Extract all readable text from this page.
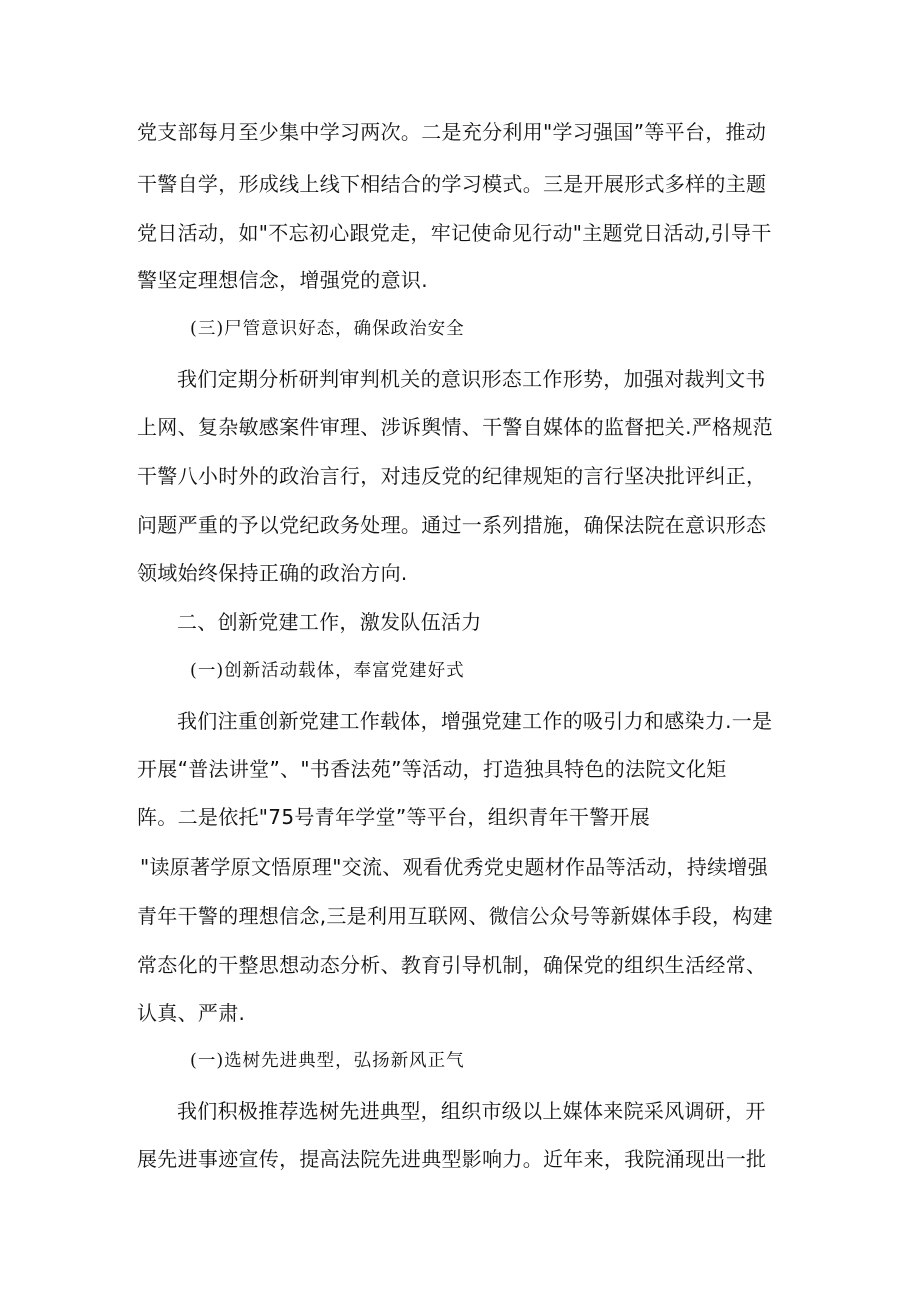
党支部每月至少集中学习两次。二是充分利用"学习强国”等平台，推动
干警自学，形成线上线下相结合的学习模式。三是开展形式多样的主题
党日活动，如"不忘初心跟党走，牢记使命见行动"主题党日活动,引导干
警坚定理想信念，增强党的意识.
(三)尸管意识好态，确保政治安全
我们定期分析研判审判机关的意识形态工作形势，加强对裁判文书
上网、复杂敏感案件审理、涉诉舆情、干警自媒体的监督把关.严格规范
干警八小时外的政治言行，对违反党的纪律规矩的言行坚决批评纠正，
问题严重的予以党纪政务处理。通过一系列措施，确保法院在意识形态
领域始终保持正确的政治方向.
二、创新党建工作，激发队伍活力
(一)创新活动载体，奉富党建好式
我们注重创新党建工作载体，增强党建工作的吸引力和感染力.一是
开展“普法讲堂”、"书香法苑”等活动，打造独具特色的法院文化矩
阵。二是依托"75号青年学堂”等平台，组织青年干警开展
"读原著学原文悟原理"交流、观看优秀党史题材作品等活动，持续增强
青年干警的理想信念,三是利用互联网、微信公众号等新媒体手段，构建
常态化的干整思想动态分析、教育引导机制，确保党的组织生活经常、
认真、严肃.
(一)选树先进典型，弘扬新风正气
我们积极推荐选树先进典型，组织市级以上媒体来院采风调研，开
展先进事迹宣传，提高法院先进典型影响力。近年来，我院涌现出一批
